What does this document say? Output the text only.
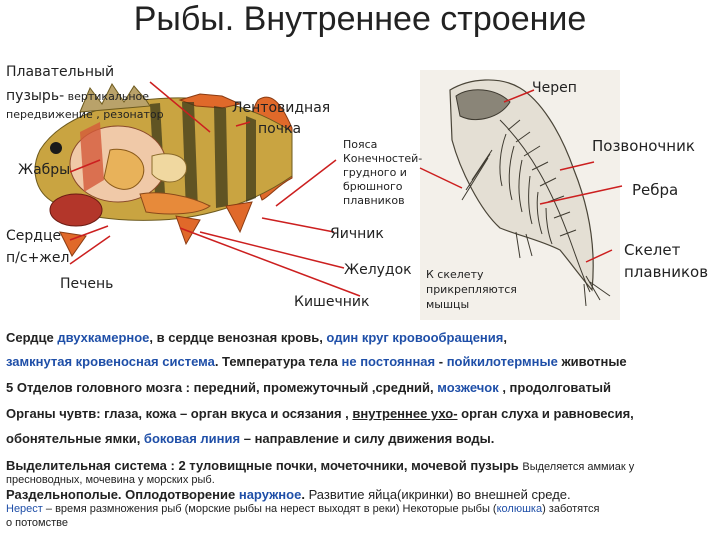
Рыбы. Внутреннее строение
Плавательный
пузырь- вертикальное
передвижение , резонатор
Жабры
Сердце
п/с+жел
Печень
Лентовидная
почка
Пояса
Конечностей-
грудного и
брюшного
плавников
Яичник
Желудок
Кишечник
К скелету
прикрепляются
мышцы
Череп
Позвоночник
Ребра
Скелет
плавников
Сердце двухкамерное, в сердце венозная кровь, один круг кровообращения,
замкнутая кровеносная система. Температура тела не постоянная - пойкилотермные животные
5 Отделов головного мозга : передний, промежуточный ,средний, мозжечок , продолговатый
Органы чувтв: глаза, кожа – орган вкуса и осязания , внутреннее ухо- орган слуха и равновесия,
обонятельные ямки, боковая линия – направление и силу движения воды.
Выделительная система : 2 туловищные почки, мочеточники, мочевой пузырь Выделяется аммиак у
пресноводных, мочевина у морских рыб.
Раздельнополые. Оплодотворение наружное. Развитие яйца(икринки) во внешней среде.
Нерест – время размножения рыб (морские рыбы на нерест выходят в реки) Некоторые рыбы (колюшка) заботятся
о потомстве
